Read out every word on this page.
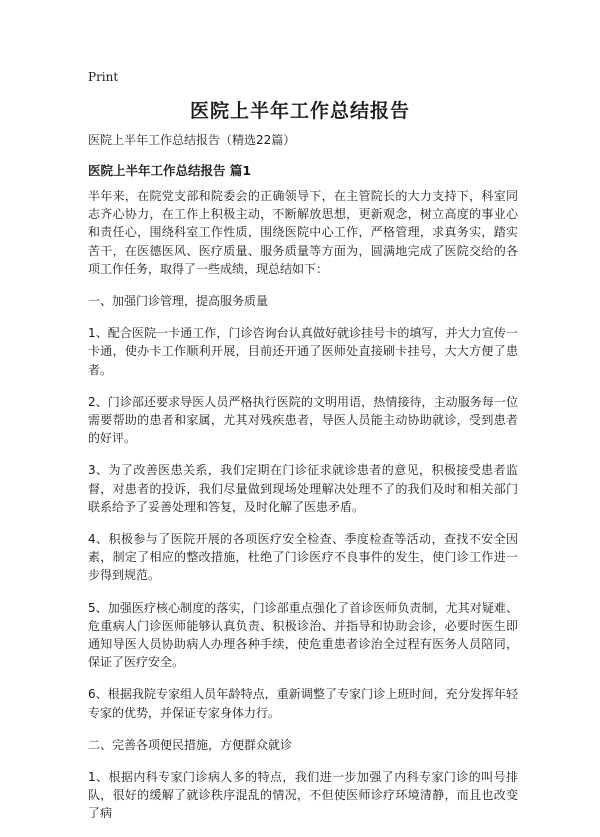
Print
医院上半年工作总结报告

医院上半年工作总结报告（精选22篇）

医院上半年工作总结报告 篇1

半年来，在院党支部和院委会的正确领导下，在主管院长的大力支持下，科室同志齐心协力，在工作上积极主动，不断解放思想，更新观念，树立高度的事业心和责任心，围绕科室工作性质，围绕医院中心工作，严格管理，求真务实，踏实苦干，在医德医风、医疗质量、服务质量等方面为，圆满地完成了医院交给的各项工作任务，取得了一些成绩，现总结如下：

一、加强门诊管理，提高服务质量

1、配合医院一卡通工作，门诊咨询台认真做好就诊挂号卡的填写，并大力宣传一卡通，使办卡工作顺利开展，目前还开通了医师处直接刷卡挂号，大大方便了患者。

2、门诊部还要求导医人员严格执行医院的文明用语，热情接待，主动服务每一位需要帮助的患者和家属，尤其对残疾患者，导医人员能主动协助就诊，受到患者的好评。

3、为了改善医患关系，我们定期在门诊征求就诊患者的意见，积极接受患者监督，对患者的投诉，我们尽量做到现场处理解决处理不了的我们及时和相关部门联系给予了妥善处理和答复，及时化解了医患矛盾。

4、积极参与了医院开展的各项医疗安全检查、季度检查等活动，查找不安全因素，制定了相应的整改措施，杜绝了门诊医疗不良事件的发生，使门诊工作进一步得到规范。

5、加强医疗核心制度的落实，门诊部重点强化了首诊医师负责制，尤其对疑难、危重病人门诊医师能够认真负责、积极诊治、并指导和协助会诊，必要时医生即通知导医人员协助病人办理各种手续，使危重患者诊治全过程有医务人员陪同，保证了医疗安全。

6、根据我院专家组人员年龄特点，重新调整了专家门诊上班时间，充分发挥年轻专家的优势，并保证专家身体力行。

二、完善各项便民措施，方便群众就诊

1、根据内科专家门诊病人多的特点，我们进一步加强了内科专家门诊的叫号排队，很好的缓解了就诊秩序混乱的情况，不但使医师诊疗环境清静，而且也改变了病
